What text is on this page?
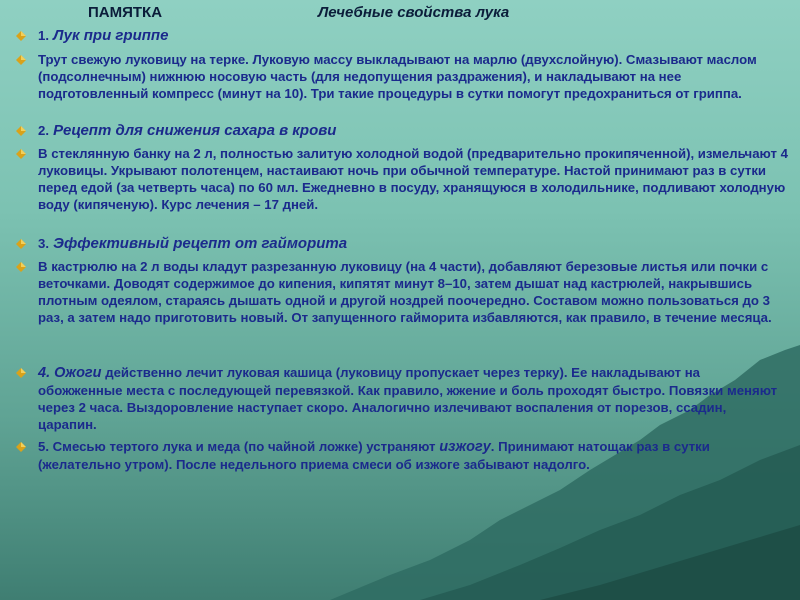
ПАМЯТКА	Лечебные свойства лука

1. Лук при гриппе

Трут свежую луковицу на терке. Луковую массу выкладывают на марлю (двухслойную). Смазывают маслом (подсолнечным) нижнюю носовую часть (для недопущения раздражения), и накладывают на нее подготовленный компресс (минут на 10). Три такие процедуры в сутки помогут предохраниться от гриппа.

2. Рецепт для снижения сахара в крови

В стеклянную банку на 2 л, полностью залитую холодной водой (предварительно прокипяченной), измельчают 4 луковицы. Укрывают полотенцем, настаивают ночь при обычной температуре. Настой принимают раз в сутки перед едой (за четверть часа) по 60 мл. Ежедневно в посуду, хранящуюся в холодильнике, подливают холодную воду (кипяченую). Курс лечения – 17 дней.

3. Эффективный рецепт от гайморита

В кастрюлю на 2 л воды кладут разрезанную луковицу (на 4 части), добавляют березовые листья или почки с веточками. Доводят содержимое до кипения, кипятят минут 8–10, затем дышат над кастрюлей, накрывшись плотным одеялом, стараясь дышать одной и другой ноздрей поочередно. Составом можно пользоваться до 3 раз, а затем надо приготовить новый. От запущенного гайморита избавляются, как правило, в течение месяца.

4. Ожоги действенно лечит луковая кашица (луковицу пропускает через терку). Ее накладывают на обожженные места с последующей перевязкой. Как правило, жжение и боль проходят быстро. Повязки меняют через 2 часа. Выздоровление наступает скоро. Аналогично излечивают воспаления от порезов, ссадин, царапин.

5. Смесью тертого лука и меда (по чайной ложке) устраняют изжогу. Принимают натощак раз в сутки (желательно утром). После недельного приема смеси об изжоге забывают надолго.
